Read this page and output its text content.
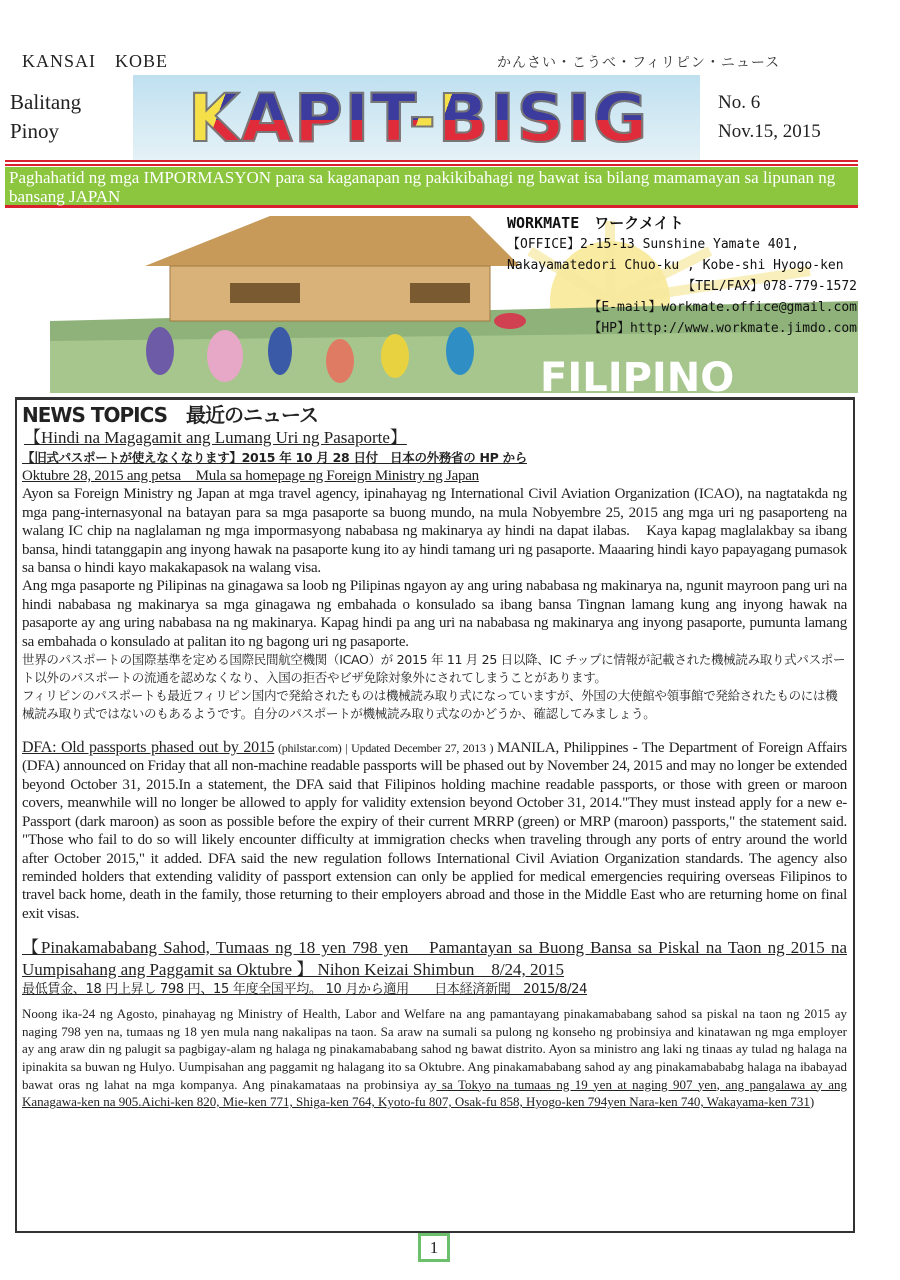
KANSAI　KOBE	かんさい・こうべ・フィリピン・ニュース
Balitang
Pinoy	KAPIT-BISIG	No. 6
Nov.15, 2015
Paghahatid ng mga IMPORMASYON para sa kaganapan ng pakikibahagi ng bawat isa bilang mamamayan sa lipunan ng bansang JAPAN
FILIPINO
WORKMATE　ワークメイト
【OFFICE】2-15-13 Sunshine Yamate 401,
Nakayamatedori Chuo-ku , Kobe-shi Hyogo-ken
【TEL/FAX】078-779-1572
【E-mail】workmate.office@gmail.com
【HP】http://www.workmate.jimdo.com
NEWS TOPICS　最近のニュース
【Hindi na Magagamit ang Lumang Uri ng Pasaporte】
【旧式パスポートが使えなくなります】2015 年 10 月 28 日付　日本の外務省の HP から
Oktubre 28, 2015 ang petsa　Mula sa homepage ng Foreign Ministry ng Japan
Ayon sa Foreign Ministry ng Japan at mga travel agency, ipinahayag ng International Civil Aviation Organization (ICAO), na nagtatakda ng mga pang-internasyonal na batayan para sa mga pasaporte sa buong mundo, na mula Nobyembre 25, 2015 ang mga uri ng pasaporteng na walang IC chip na naglalaman ng mga impormasyong nababasa ng makinarya ay hindi na dapat ilabas.　Kaya kapag maglalakbay sa ibang bansa, hindi tatanggapin ang inyong hawak na pasaporte kung ito ay hindi tamang uri ng pasaporte. Maaaring hindi kayo papayagang pumasok sa bansa o hindi kayo makakapasok na walang visa.
Ang mga pasaporte ng Pilipinas na ginagawa sa loob ng Pilipinas ngayon ay ang uring nababasa ng makinarya na, ngunit mayroon pang uri na hindi nababasa ng makinarya sa mga ginagawa ng embahada o konsulado sa ibang bansa Tingnan lamang kung ang inyong hawak na pasaporte ay ang uring nababasa na ng makinarya. Kapag hindi pa ang uri na nababasa ng makinarya ang inyong pasaporte, pumunta lamang sa embahada o konsulado at palitan ito ng bagong uri ng pasaporte.
世界のパスポートの国際基準を定める国際民間航空機関（ICAO）が 2015 年 11 月 25 日以降、IC チップに情報が記載された機械読み取り式パスポート以外のパスポートの流通を認めなくなり、入国の拒否やビザ免除対象外にされてしまうことがあります。
フィリピンのパスポートも最近フィリピン国内で発給されたものは機械読み取り式になっていますが、外国の大使館や領事館で発給されたものには機械読み取り式ではないのもあるようです。自分のパスポートが機械読み取り式なのかどうか、確認してみましょう。
DFA: Old passports phased out by 2015 (philstar.com) | Updated December 27, 2013 ) MANILA, Philippines - The Department of Foreign Affairs (DFA) announced on Friday that all non-machine readable passports will be phased out by November 24, 2015 and may no longer be extended beyond October 31, 2015.In a statement, the DFA said that Filipinos holding machine readable passports, or those with green or maroon covers, meanwhile will no longer be allowed to apply for validity extension beyond October 31, 2014."They must instead apply for a new e-Passport (dark maroon) as soon as possible before the expiry of their current MRRP (green) or MRP (maroon) passports," the statement said. "Those who fail to do so will likely encounter difficulty at immigration checks when traveling through any ports of entry around the world after October 2015," it added. DFA said the new regulation follows International Civil Aviation Organization standards. The agency also reminded holders that extending validity of passport extension can only be applied for medical emergencies requiring overseas Filipinos to travel back home, death in the family, those returning to their employers abroad and those in the Middle East who are returning home on final exit visas.
【Pinakamababang Sahod, Tumaas ng 18 yen 798 yen　Pamantayan sa Buong Bansa sa Piskal na Taon ng 2015 na Uumpisahang ang Paggamit sa Oktubre 】 Nihon Keizai Shimbun　8/24, 2015
最低賃金、18 円上昇し 798 円、15 年度全国平均。 10 月から適用　　日本経済新聞　2015/8/24
Noong ika-24 ng Agosto, pinahayag ng Ministry of Health, Labor and Welfare na ang pamantayang pinakamababang sahod sa piskal na taon ng 2015 ay naging 798 yen na, tumaas ng 18 yen mula nang nakalipas na taon. Sa araw na sumali sa pulong ng konseho ng probinsiya and kinatawan ng mga employer ay ang araw din ng palugit sa pagbigay-alam ng halaga ng pinakamababang sahod ng bawat distrito. Ayon sa ministro ang laki ng tinaas ay tulad ng halaga na ipinakita sa buwan ng Hulyo. Uumpisahan ang paggamit ng halagang ito sa Oktubre. Ang pinakamababang sahod ay ang pinakamabababg halaga na ibabayad bawat oras ng lahat na mga kompanya. Ang pinakamataas na probinsiya ay sa Tokyo na tumaas ng 19 yen at naging 907 yen, ang pangalawa ay ang Kanagawa-ken na 905.Aichi-ken 820, Mie-ken 771, Shiga-ken 764, Kyoto-fu 807, Osak-fu 858, Hyogo-ken 794yen Nara-ken 740, Wakayama-ken 731)
1
